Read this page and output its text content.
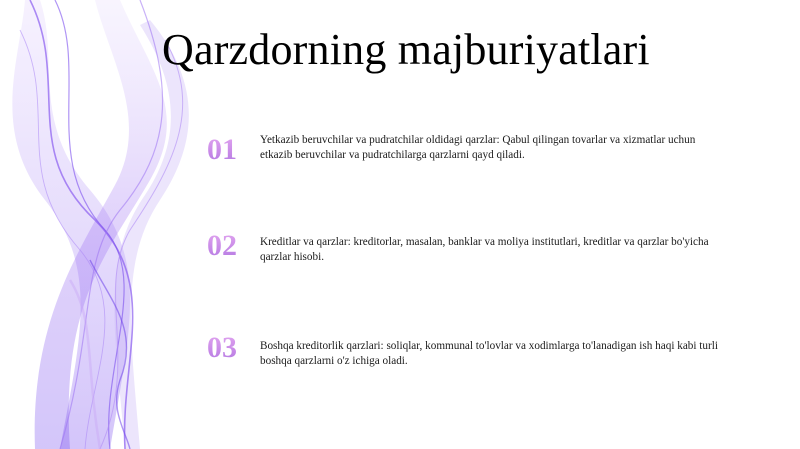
Qarzdorning majburiyatlari
01	Yetkazib beruvchilar va pudratchilar oldidagi qarzlar: Qabul qilingan tovarlar va xizmatlar uchun etkazib beruvchilar va pudratchilarga qarzlarni qayd qiladi.
02	Kreditlar va qarzlar: kreditorlar, masalan, banklar va moliya institutlari, kreditlar va qarzlar bo'yicha qarzlar hisobi.
03	Boshqa kreditorlik qarzlari: soliqlar, kommunal to'lovlar va xodimlarga to'lanadigan ish haqi kabi turli boshqa qarzlarni o'z ichiga oladi.
